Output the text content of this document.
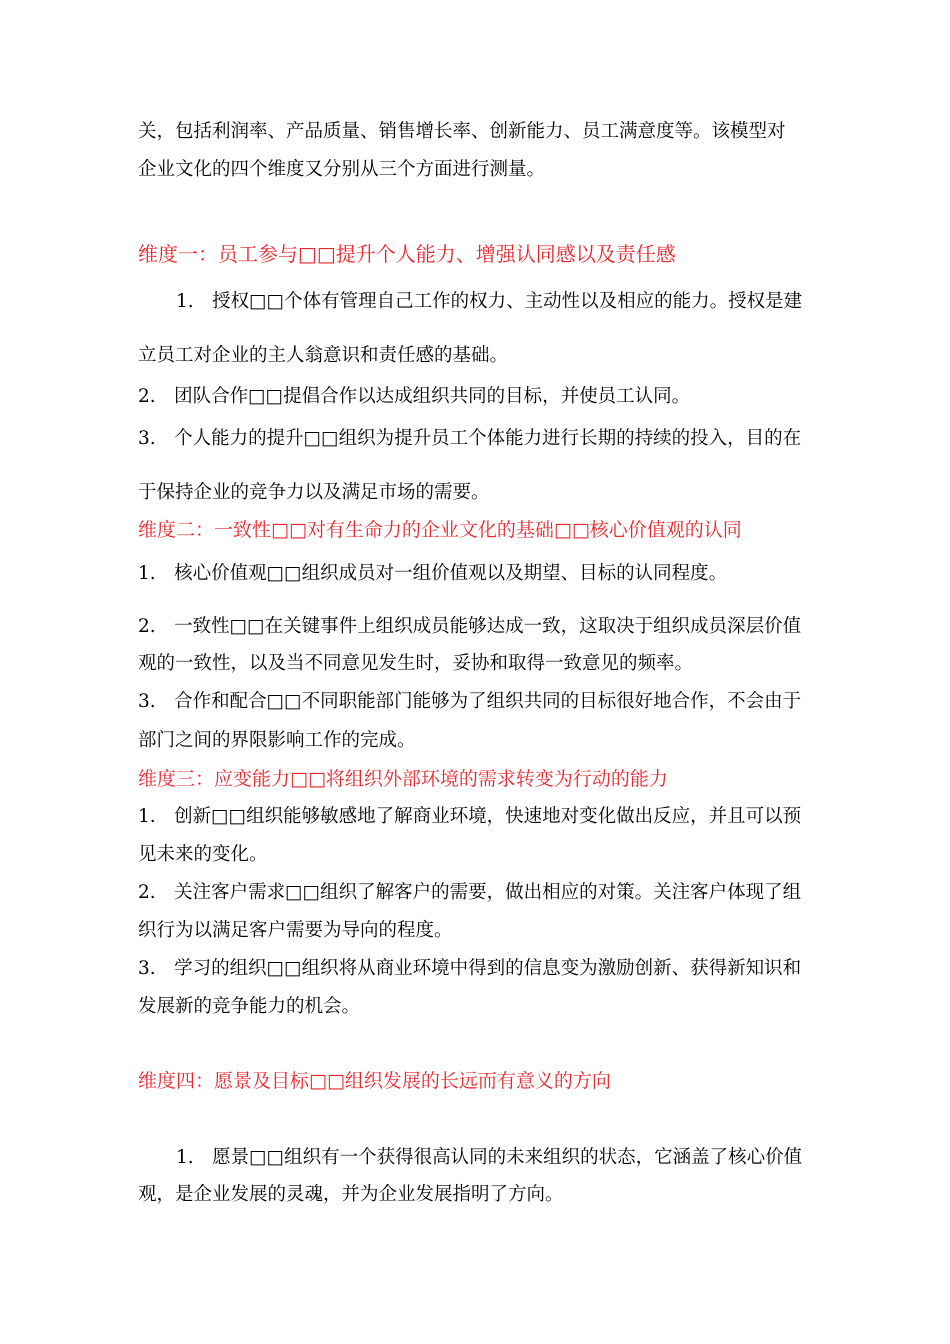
关，包括利润率、产品质量、销售增长率、创新能力、员工满意度等。该模型对

企业文化的四个维度又分别从三个方面进行测量。

维度一：员工参与□□提升个人能力、增强认同感以及责任感

1.　授权□□个体有管理自己工作的权力、主动性以及相应的能力。授权是建

立员工对企业的主人翁意识和责任感的基础。

2.　团队合作□□提倡合作以达成组织共同的目标，并使员工认同。

3.　个人能力的提升□□组织为提升员工个体能力进行长期的持续的投入，目的在

于保持企业的竞争力以及满足市场的需要。

维度二：一致性□□对有生命力的企业文化的基础□□核心价值观的认同

1.　核心价值观□□组织成员对一组价值观以及期望、目标的认同程度。

2.　一致性□□在关键事件上组织成员能够达成一致，这取决于组织成员深层价值

观的一致性，以及当不同意见发生时，妥协和取得一致意见的频率。

3.　合作和配合□□不同职能部门能够为了组织共同的目标很好地合作，不会由于

部门之间的界限影响工作的完成。

维度三：应变能力□□将组织外部环境的需求转变为行动的能力

1.　创新□□组织能够敏感地了解商业环境，快速地对变化做出反应，并且可以预

见未来的变化。

2.　关注客户需求□□组织了解客户的需要，做出相应的对策。关注客户体现了组

织行为以满足客户需要为导向的程度。

3.　学习的组织□□组织将从商业环境中得到的信息变为激励创新、获得新知识和

发展新的竞争能力的机会。

维度四：愿景及目标□□组织发展的长远而有意义的方向

1.　愿景□□组织有一个获得很高认同的未来组织的状态，它涵盖了核心价值

观，是企业发展的灵魂，并为企业发展指明了方向。
